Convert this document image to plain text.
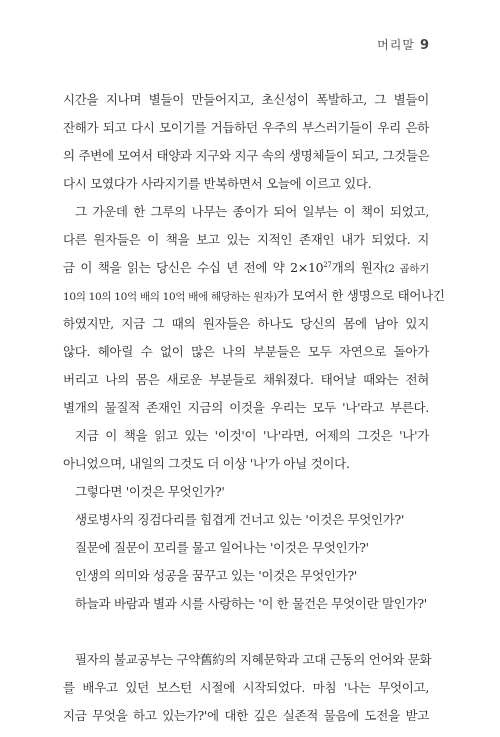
머리말 9
시간을 지나며 별들이 만들어지고, 초신성이 폭발하고, 그 별들이
잔해가 되고 다시 모이기를 거듭하던 우주의 부스러기들이 우리 은하
의 주변에 모여서 태양과 지구와 지구 속의 생명체들이 되고, 그것들은
다시 모였다가 사라지기를 반복하면서 오늘에 이르고 있다.
그 가운데 한 그루의 나무는 종이가 되어 일부는 이 책이 되었고,
다른 원자들은 이 책을 보고 있는 지적인 존재인 내가 되었다. 지
금 이 책을 읽는 당신은 수십 년 전에 약 $2\times 10^{27}$개의 원자(2 곱하기
10의 10의 10억 배의 10억 배에 해당하는 원자)가 모여서 한 생명으로 태어나긴
하였지만, 지금 그 때의 원자들은 하나도 당신의 몸에 남아 있지
않다. 헤아릴 수 없이 많은 나의 부분들은 모두 자연으로 돌아가
버리고 나의 몸은 새로운 부분들로 채워졌다. 태어날 때와는 전혀
별개의 물질적 존재인 지금의 이것을 우리는 모두 '나'라고 부른다.
지금 이 책을 읽고 있는 '이것'이 '나'라면, 어제의 그것은 '나'가
아니었으며, 내일의 그것도 더 이상 '나'가 아닐 것이다.
그렇다면 '이것은 무엇인가?'
생로병사의 징검다리를 힘겹게 건너고 있는 '이것은 무엇인가?'
질문에 질문이 꼬리를 물고 일어나는 '이것은 무엇인가?'
인생의 의미와 성공을 꿈꾸고 있는 '이것은 무엇인가?'
하늘과 바람과 별과 시를 사랑하는 '이 한 물건은 무엇이란 말인가?'
필자의 불교공부는 구약舊約의 지혜문학과 고대 근동의 언어와 문화
를 배우고 있던 보스턴 시절에 시작되었다. 마침 '나는 무엇이고,
지금 무엇을 하고 있는가?'에 대한 깊은 실존적 물음에 도전을 받고
